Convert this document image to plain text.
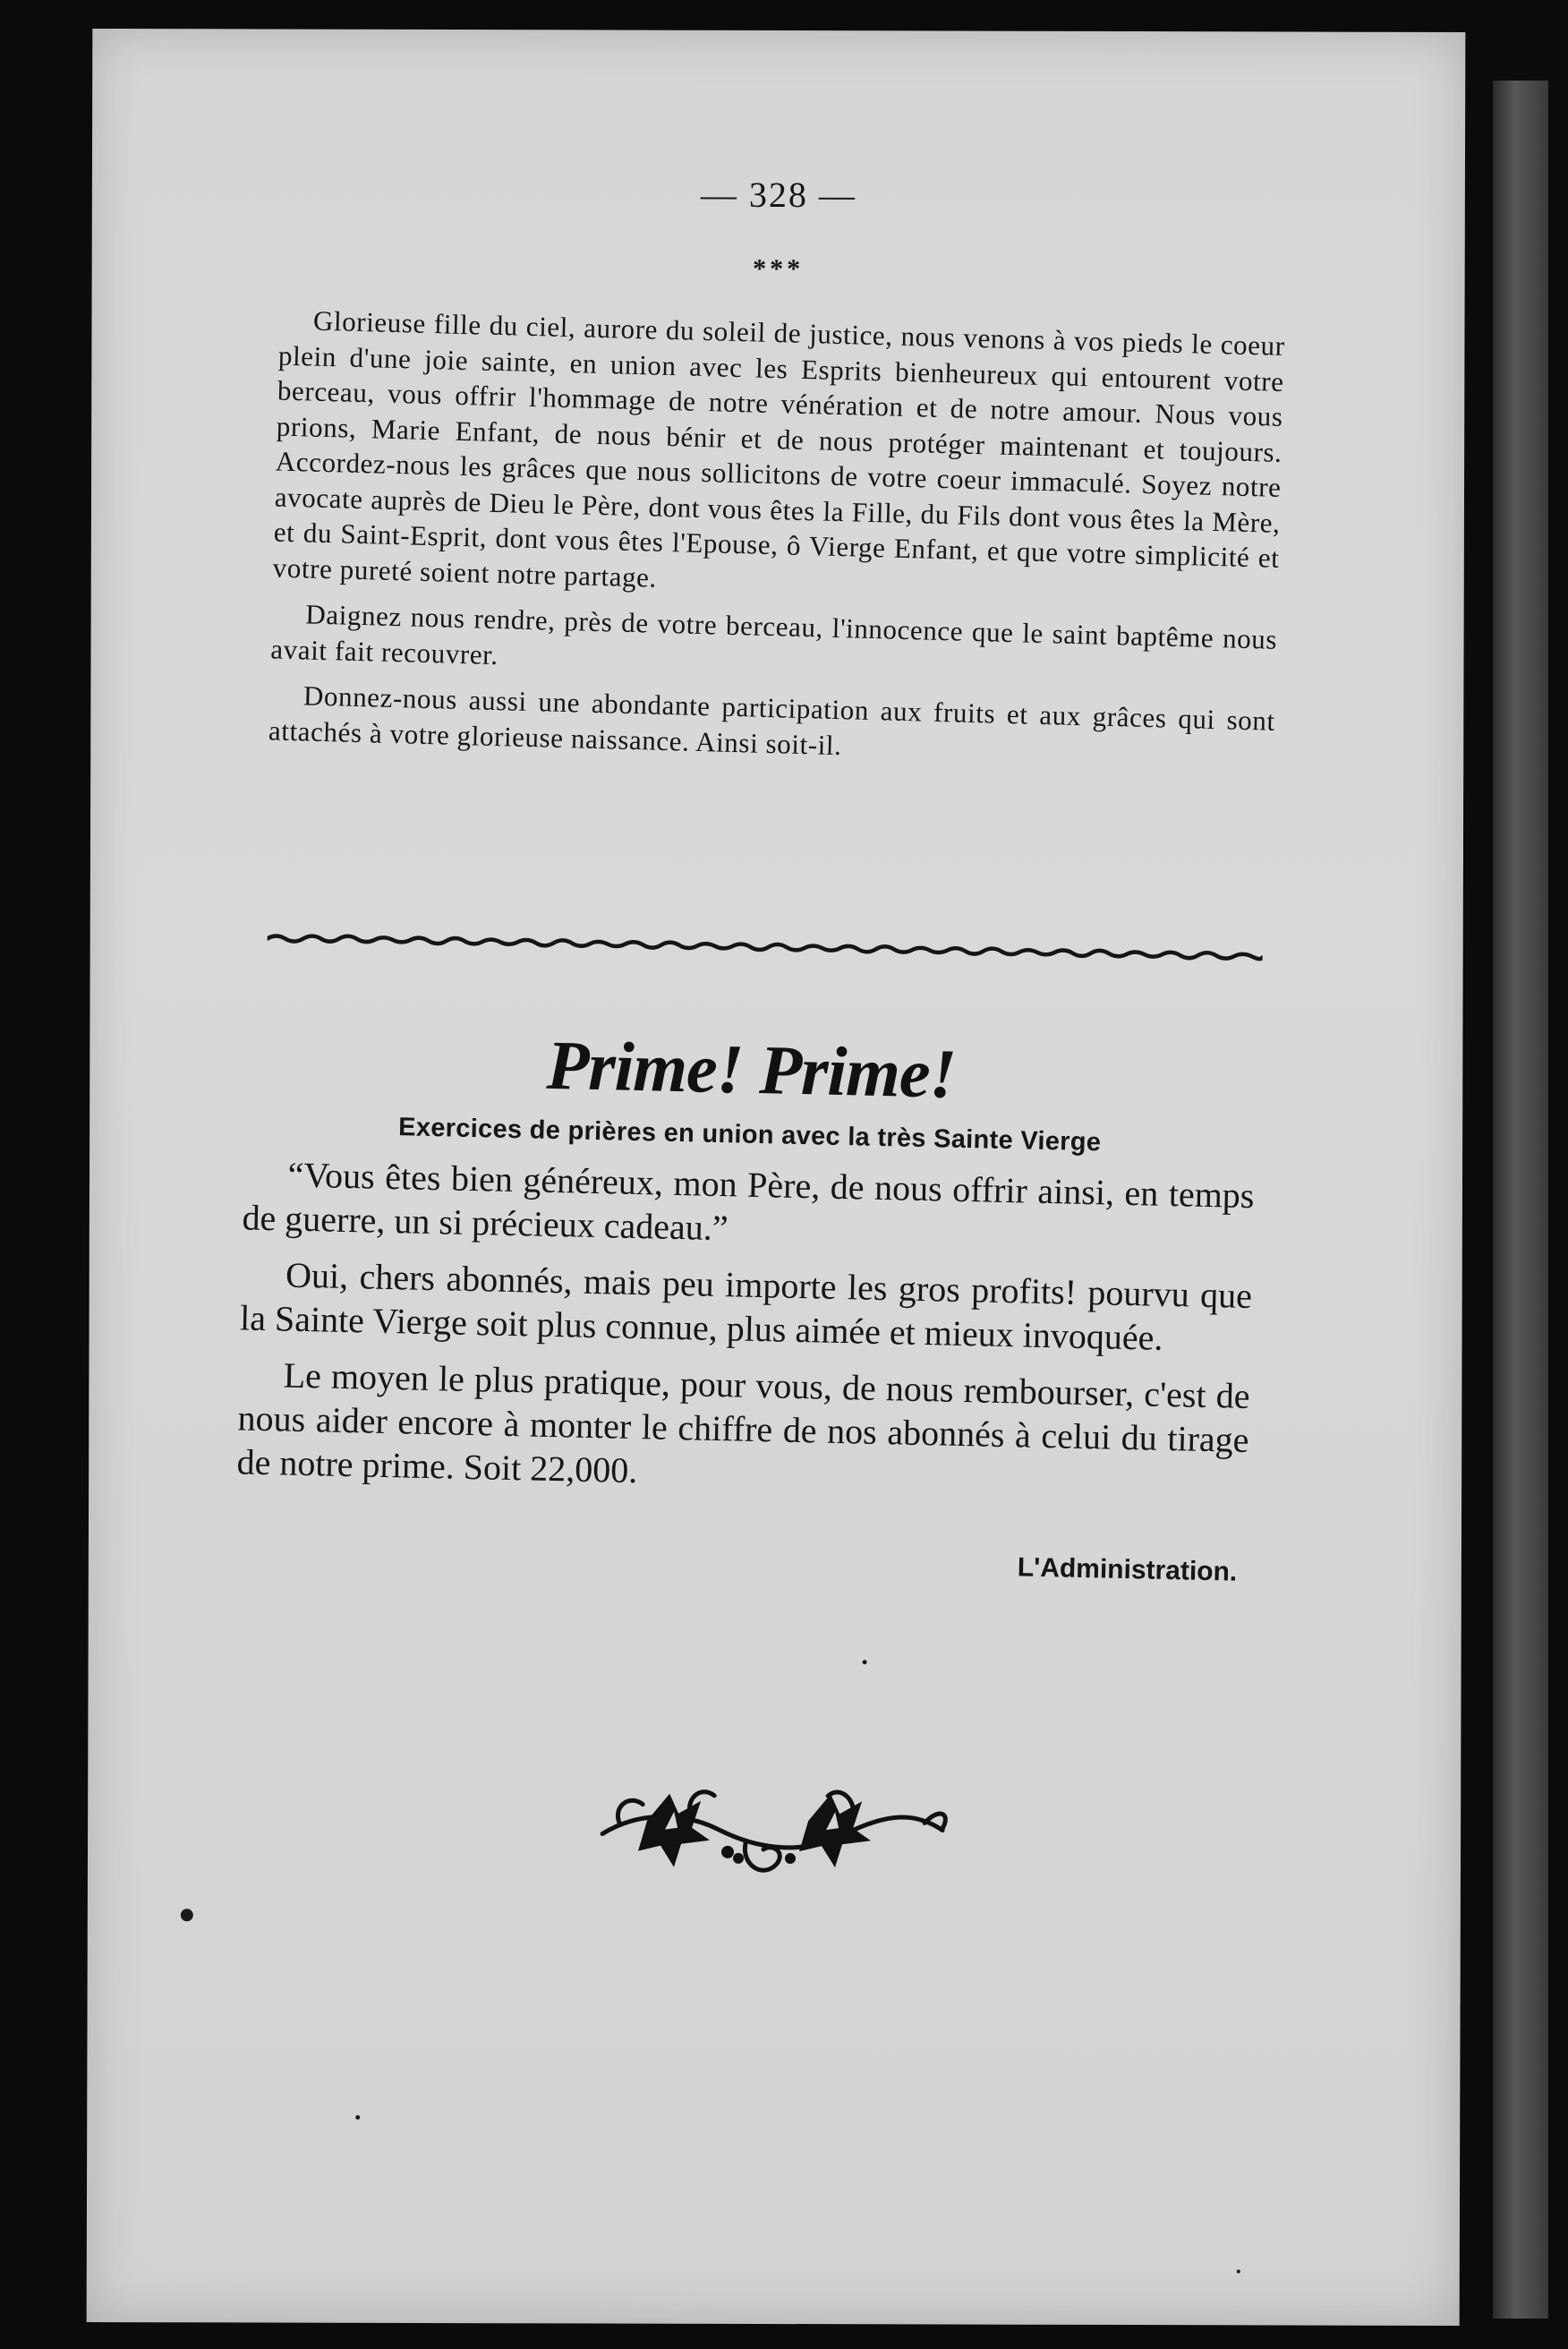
— 328 —
***

Glorieuse fille du ciel, aurore du soleil de justice, nous venons à vos pieds le coeur plein d'une joie sainte, en union avec les Esprits bienheureux qui entourent votre berceau, vous offrir l'hommage de notre vénération et de notre amour. Nous vous prions, Marie Enfant, de nous bénir et de nous protéger maintenant et toujours. Accordez-nous les grâces que nous sollicitons de votre coeur immaculé. Soyez notre avocate auprès de Dieu le Père, dont vous êtes la Fille, du Fils dont vous êtes la Mère, et du Saint-Esprit, dont vous êtes l'Epouse, ô Vierge Enfant, et que votre simplicité et votre pureté soient notre partage.

Daignez nous rendre, près de votre berceau, l'innocence que le saint baptême nous avait fait recouvrer.

Donnez-nous aussi une abondante participation aux fruits et aux grâces qui sont attachés à votre glorieuse naissance. Ainsi soit-il.

Prime! Prime!
Exercices de prières en union avec la très Sainte Vierge

“Vous êtes bien généreux, mon Père, de nous offrir ainsi, en temps de guerre, un si précieux cadeau.”

Oui, chers abonnés, mais peu importe les gros profits! pourvu que la Sainte Vierge soit plus connue, plus aimée et mieux invoquée.

Le moyen le plus pratique, pour vous, de nous rembourser, c'est de nous aider encore à monter le chiffre de nos abonnés à celui du tirage de notre prime. Soit 22,000.

L'Administration.
